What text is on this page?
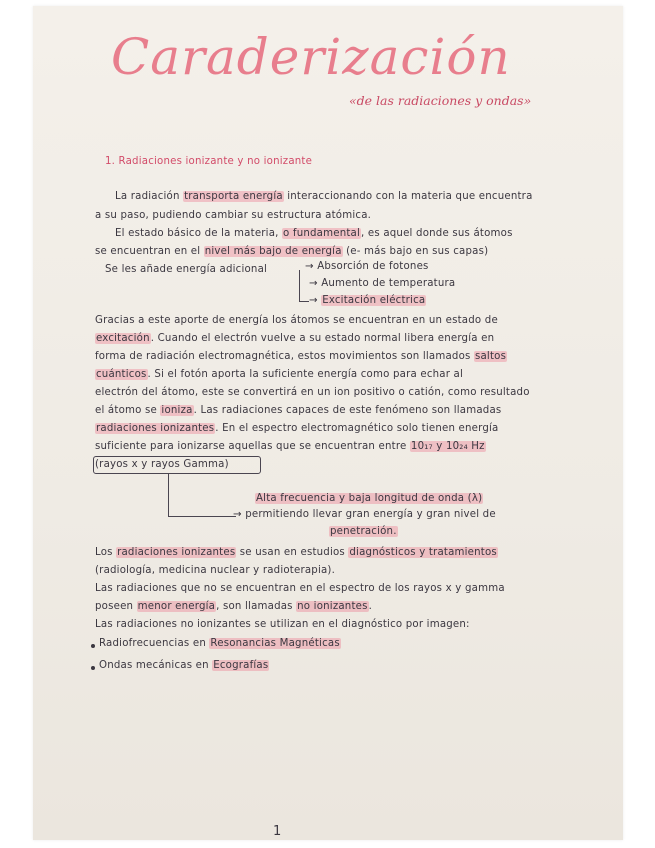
Caraderización
«de las radiaciones y ondas»
1. Radiaciones ionizante y no ionizante
La radiación transporta energía interaccionando con la materia que encuentra
a su paso, pudiendo cambiar su estructura atómica.
El estado básico de la materia, o fundamental, es aquel donde sus átomos
se encuentran en el nivel más bajo de energía (e- más bajo en sus capas)
Se les añade energía adicional	→ Absorción de fotones
→ Aumento de temperatura
→ Excitación eléctrica
Gracias a este aporte de energía los átomos se encuentran en un estado de
excitación. Cuando el electrón vuelve a su estado normal libera energía en
forma de radiación electromagnética, estos movimientos son llamados saltos
cuánticos. Si el fotón aporta la suficiente energía como para echar al
electrón del átomo, este se convertirá en un ion positivo o catión, como resultado
el átomo se ioniza. Las radiaciones capaces de este fenómeno son llamadas
radiaciones ionizantes. En el espectro electromagnético solo tienen energía
suficiente para ionizarse aquellas que se encuentran entre 10₁₇ y 10₂₄ Hz
(rayos x y rayos Gamma)
Alta frecuencia y baja longitud de onda (λ)
→ permitiendo llevar gran energía y gran nivel de
penetración.
Los radiaciones ionizantes se usan en estudios diagnósticos y tratamientos
(radiología, medicina nuclear y radioterapia).
Las radiaciones que no se encuentran en el espectro de los rayos x y gamma
poseen menor energía, son llamadas no ionizantes.
Las radiaciones no ionizantes se utilizan en el diagnóstico por imagen:
Radiofrecuencias en Resonancias Magnéticas
Ondas mecánicas en Ecografías
1
